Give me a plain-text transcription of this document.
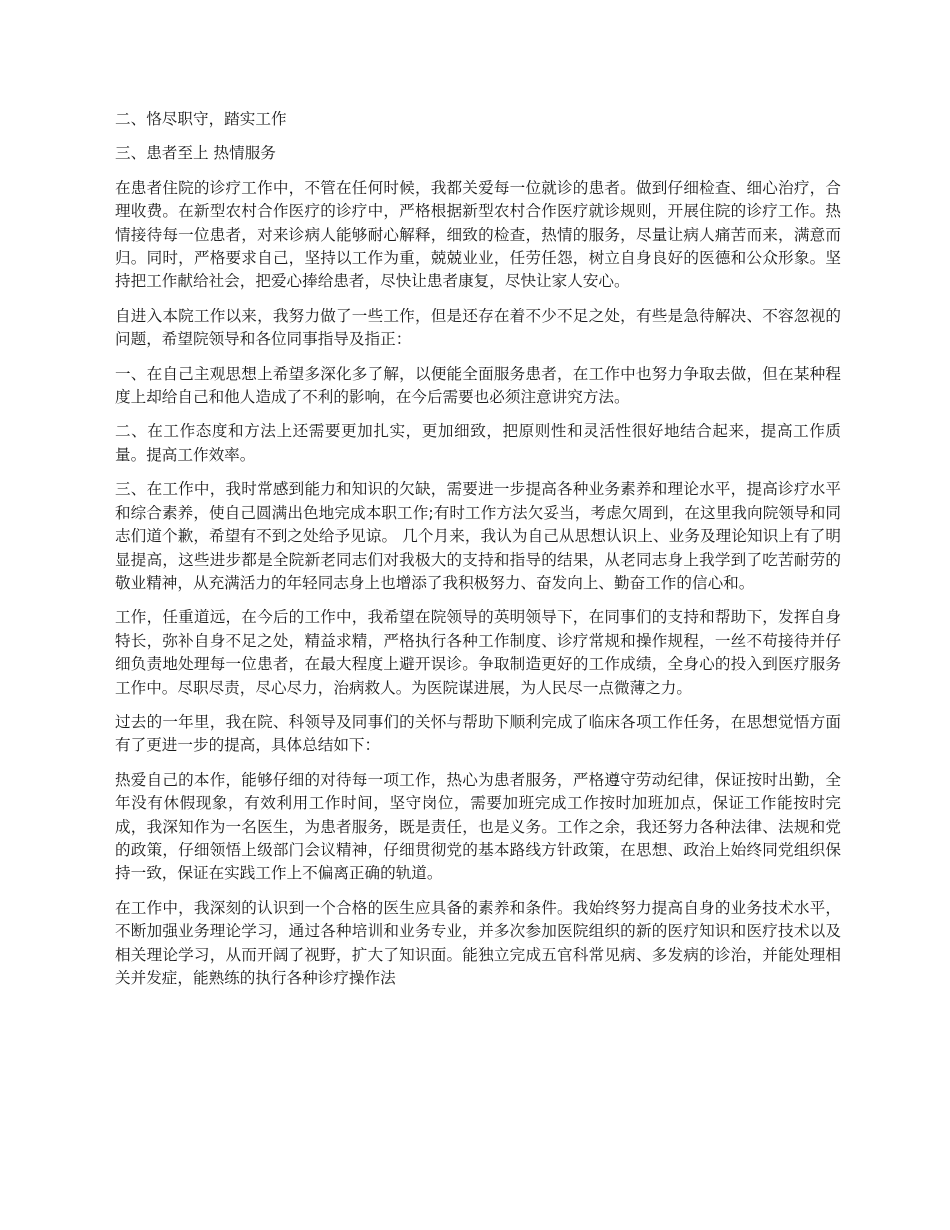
二、恪尽职守，踏实工作

三、患者至上 热情服务

在患者住院的诊疗工作中，不管在任何时候，我都关爱每一位就诊的患者。做到仔细检查、细心治疗，合理收费。在新型农村合作医疗的诊疗中，严格根据新型农村合作医疗就诊规则，开展住院的诊疗工作。热情接待每一位患者，对来诊病人能够耐心解释，细致的检查，热情的服务，尽量让病人痛苦而来，满意而归。同时，严格要求自己，坚持以工作为重，兢兢业业，任劳任怨，树立自身良好的医德和公众形象。坚持把工作献给社会，把爱心捧给患者，尽快让患者康复，尽快让家人安心。

自进入本院工作以来，我努力做了一些工作，但是还存在着不少不足之处，有些是急待解决、不容忽视的问题，希望院领导和各位同事指导及指正：

一、在自己主观思想上希望多深化多了解，以便能全面服务患者，在工作中也努力争取去做，但在某种程度上却给自己和他人造成了不利的影响，在今后需要也必须注意讲究方法。

二、在工作态度和方法上还需要更加扎实，更加细致，把原则性和灵活性很好地结合起来，提高工作质量。提高工作效率。

三、在工作中，我时常感到能力和知识的欠缺，需要进一步提高各种业务素养和理论水平，提高诊疗水平和综合素养，使自己圆满出色地完成本职工作;有时工作方法欠妥当，考虑欠周到，在这里我向院领导和同志们道个歉，希望有不到之处给予见谅。 几个月来，我认为自己从思想认识上、业务及理论知识上有了明显提高，这些进步都是全院新老同志们对我极大的支持和指导的结果，从老同志身上我学到了吃苦耐劳的敬业精神，从充满活力的年轻同志身上也增添了我积极努力、奋发向上、勤奋工作的信心和。

工作，任重道远，在今后的工作中，我希望在院领导的英明领导下，在同事们的支持和帮助下，发挥自身特长，弥补自身不足之处，精益求精，严格执行各种工作制度、诊疗常规和操作规程，一丝不苟接待并仔细负责地处理每一位患者，在最大程度上避开误诊。争取制造更好的工作成绩，全身心的投入到医疗服务工作中。尽职尽责，尽心尽力，治病救人。为医院谋进展，为人民尽一点微薄之力。

过去的一年里，我在院、科领导及同事们的关怀与帮助下顺利完成了临床各项工作任务，在思想觉悟方面有了更进一步的提高，具体总结如下：

热爱自己的本作，能够仔细的对待每一项工作，热心为患者服务，严格遵守劳动纪律，保证按时出勤，全年没有休假现象，有效利用工作时间，坚守岗位，需要加班完成工作按时加班加点，保证工作能按时完成，我深知作为一名医生，为患者服务，既是责任，也是义务。工作之余，我还努力各种法律、法规和党的政策，仔细领悟上级部门会议精神，仔细贯彻党的基本路线方针政策，在思想、政治上始终同党组织保持一致，保证在实践工作上不偏离正确的轨道。

在工作中，我深刻的认识到一个合格的医生应具备的素养和条件。我始终努力提高自身的业务技术水平，不断加强业务理论学习，通过各种培训和业务专业，并多次参加医院组织的新的医疗知识和医疗技术以及相关理论学习，从而开阔了视野，扩大了知识面。能独立完成五官科常见病、多发病的诊治，并能处理相关并发症，能熟练的执行各种诊疗操作法
